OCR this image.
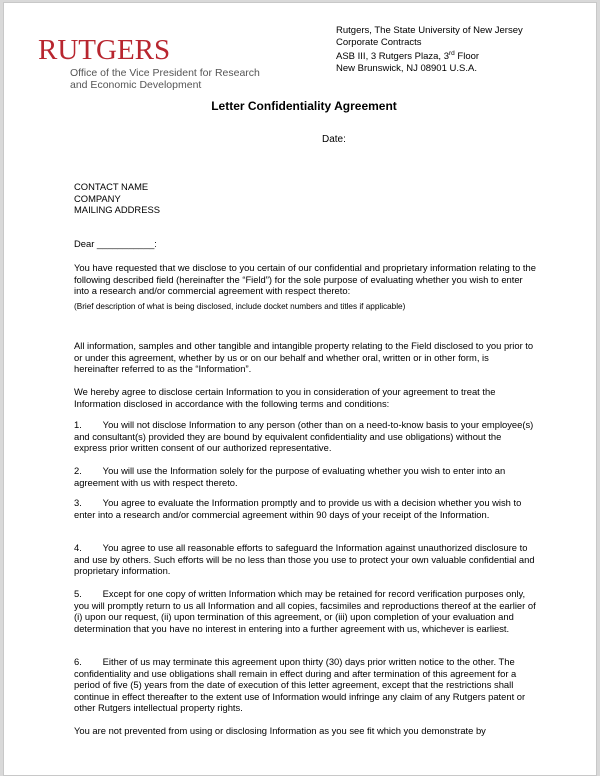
RUTGERS
Office of the Vice President for Research
and Economic Development
Rutgers, The State University of New Jersey
Corporate Contracts
ASB III, 3 Rutgers Plaza, 3rd Floor
New Brunswick, NJ 08901 U.S.A.
Letter Confidentiality Agreement
Date:
CONTACT NAME
COMPANY
MAILING ADDRESS
Dear ___________:
You have requested that we disclose to you certain of our confidential and proprietary information relating to the following described field (hereinafter the “Field”) for the sole purpose of evaluating whether you wish to enter into a research and/or commercial agreement with respect thereto:
(Brief description of what is being disclosed, include docket numbers and titles if applicable)
All information, samples and other tangible and intangible property relating to the Field disclosed to you prior to or under this agreement, whether by us or on our behalf and whether oral, written or in other form, is hereinafter referred to as the “Information”.
We hereby agree to disclose certain Information to you in consideration of your agreement to treat the Information disclosed in accordance with the following terms and conditions:
1. You will not disclose Information to any person (other than on a need-to-know basis to your employee(s) and consultant(s) provided they are bound by equivalent confidentiality and use obligations) without the express prior written consent of our authorized representative.
2. You will use the Information solely for the purpose of evaluating whether you wish to enter into an agreement with us with respect thereto.
3. You agree to evaluate the Information promptly and to provide us with a decision whether you wish to enter into a research and/or commercial agreement within 90 days of your receipt of the Information.
4. You agree to use all reasonable efforts to safeguard the Information against unauthorized disclosure to and use by others. Such efforts will be no less than those you use to protect your own valuable confidential and proprietary information.
5. Except for one copy of written Information which may be retained for record verification purposes only, you will promptly return to us all Information and all copies, facsimiles and reproductions thereof at the earlier of (i) upon our request, (ii) upon termination of this agreement, or (iii) upon completion of your evaluation and determination that you have no interest in entering into a further agreement with us, whichever is earliest.
6. Either of us may terminate this agreement upon thirty (30) days prior written notice to the other. The confidentiality and use obligations shall remain in effect during and after termination of this agreement for a period of five (5) years from the date of execution of this letter agreement, except that the restrictions shall continue in effect thereafter to the extent use of Information would infringe any claim of any Rutgers patent or other Rutgers intellectual property rights.
You are not prevented from using or disclosing Information as you see fit which you demonstrate by
